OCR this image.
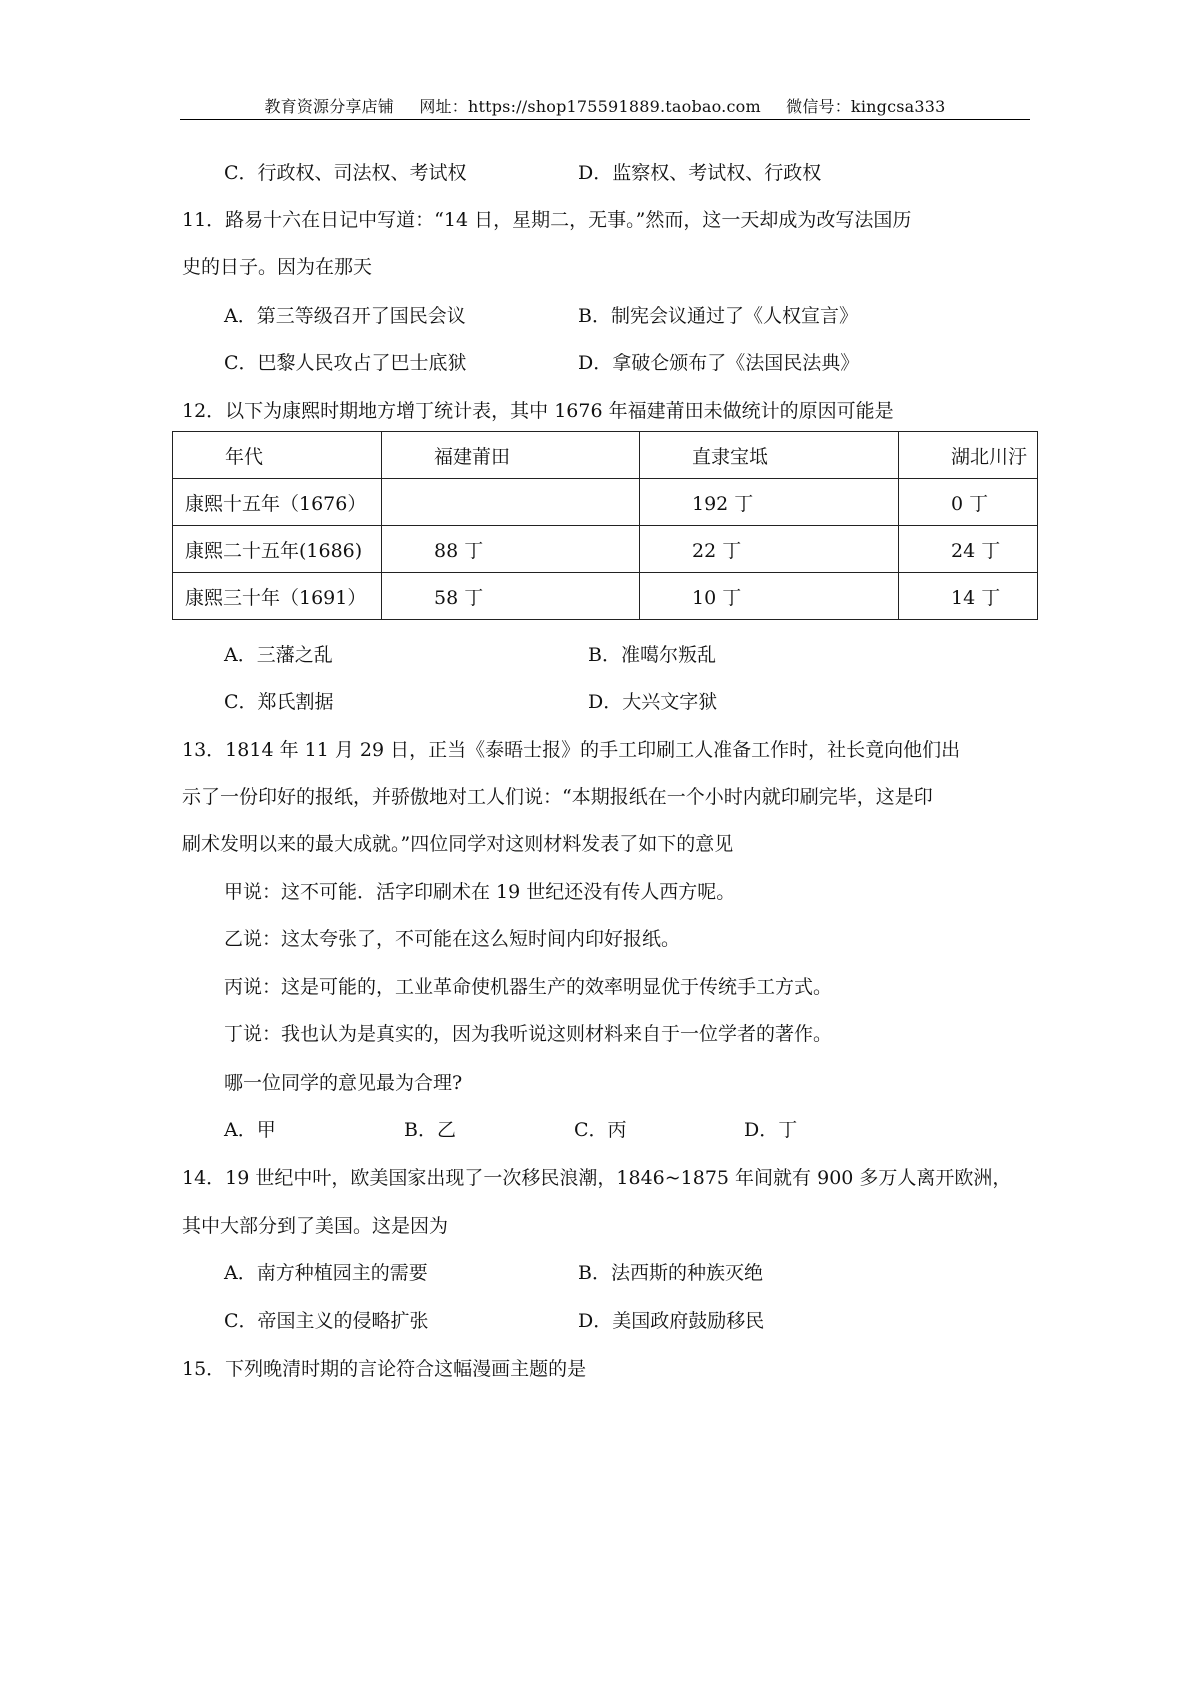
教育资源分享店铺 网址：https://shop175591889.taobao.com 微信号：kingcsa333
C．行政权、司法权、考试权	D．监察权、考试权、行政权
11．路易十六在日记中写道：“14 日，星期二，无事。”然而，这一天却成为改写法国历
史的日子。因为在那天
A．第三等级召开了国民会议	B．制宪会议通过了《人权宣言》
C．巴黎人民攻占了巴士底狱	D．拿破仑颁布了《法国民法典》
12．以下为康熙时期地方增丁统计表，其中 1676 年福建莆田未做统计的原因可能是
年代	福建莆田	直隶宝坻	湖北川汙
康熙十五年（1676）		192 丁	0 丁
康熙二十五年(1686)	88 丁	22 丁	24 丁
康熙三十年（1691）	58 丁	10 丁	14 丁
A．三藩之乱	B．准噶尔叛乱
C．郑氏割据	D．大兴文字狱
13．1814 年 11 月 29 日，正当《泰晤士报》的手工印刷工人准备工作时，社长竟向他们出
示了一份印好的报纸，并骄傲地对工人们说：“本期报纸在一个小时内就印刷完毕，这是印
刷术发明以来的最大成就。”四位同学对这则材料发表了如下的意见
甲说：这不可能．活字印刷术在 19 世纪还没有传人西方呢。
乙说：这太夸张了，不可能在这么短时间内印好报纸。
丙说：这是可能的，工业革命使机器生产的效率明显优于传统手工方式。
丁说：我也认为是真实的，因为我听说这则材料来自于一位学者的著作。
哪一位同学的意见最为合理?
A．甲	B．乙	C．丙	D．丁
14．19 世纪中叶，欧美国家出现了一次移民浪潮，1846~1875 年间就有 900 多万人离开欧洲，
其中大部分到了美国。这是因为
A．南方种植园主的需要	B．法西斯的种族灭绝
C．帝国主义的侵略扩张	D．美国政府鼓励移民
15．下列晚清时期的言论符合这幅漫画主题的是
